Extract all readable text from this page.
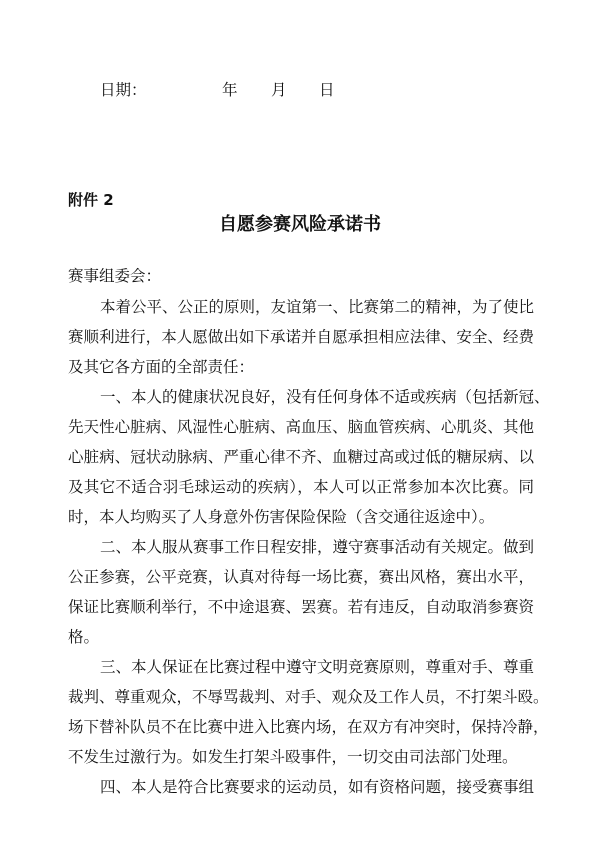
日期：	年 月 日
附件 2
自愿参赛风险承诺书
赛事组委会：
本着公平、公正的原则，友谊第一、比赛第二的精神，为了使比
赛顺利进行，本人愿做出如下承诺并自愿承担相应法律、安全、经费
及其它各方面的全部责任：
一、本人的健康状况良好，没有任何身体不适或疾病（包括新冠、
先天性心脏病、风湿性心脏病、高血压、脑血管疾病、心肌炎、其他
心脏病、冠状动脉病、严重心律不齐、血糖过高或过低的糖尿病、以
及其它不适合羽毛球运动的疾病），本人可以正常参加本次比赛。同
时，本人均购买了人身意外伤害保险保险（含交通往返途中）。
二、本人服从赛事工作日程安排，遵守赛事活动有关规定。做到
公正参赛，公平竞赛，认真对待每一场比赛，赛出风格，赛出水平，
保证比赛顺利举行，不中途退赛、罢赛。若有违反，自动取消参赛资
格。
三、本人保证在比赛过程中遵守文明竞赛原则，尊重对手、尊重
裁判、尊重观众，不辱骂裁判、对手、观众及工作人员，不打架斗殴。
场下替补队员不在比赛中进入比赛内场，在双方有冲突时，保持冷静，
不发生过激行为。如发生打架斗殴事件，一切交由司法部门处理。
四、本人是符合比赛要求的运动员，如有资格问题，接受赛事组
